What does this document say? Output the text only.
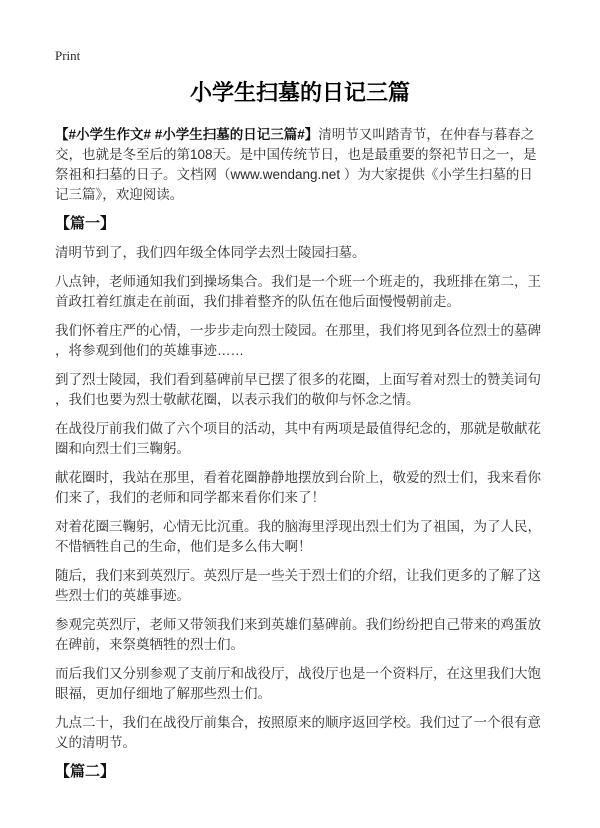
Print
小学生扫墓的日记三篇

【#小学生作文# #小学生扫墓的日记三篇#】清明节又叫踏青节，在仲春与暮春之交，也就是冬至后的第108天。是中国传统节日，也是最重要的祭祀节日之一，是祭祖和扫墓的日子。文档网（www.wendang.net ）为大家提供《小学生扫墓的日记三篇》，欢迎阅读。

【篇一】

清明节到了，我们四年级全体同学去烈士陵园扫墓。

八点钟，老师通知我们到操场集合。我们是一个班一个班走的，我班排在第二，王首政扛着红旗走在前面，我们排着整齐的队伍在他后面慢慢朝前走。

我们怀着庄严的心情，一步步走向烈士陵园。在那里，我们将见到各位烈士的墓碑，将参观到他们的英雄事迹……

到了烈士陵园，我们看到墓碑前早已摆了很多的花圈，上面写着对烈士的赞美词句，我们也要为烈士敬献花圈，以表示我们的敬仰与怀念之情。

在战役厅前我们做了六个项目的活动，其中有两项是最值得纪念的，那就是敬献花圈和向烈士们三鞠躬。

献花圈时，我站在那里，看着花圈静静地摆放到台阶上，敬爱的烈士们，我来看你们来了，我们的老师和同学都来看你们来了！

对着花圈三鞠躬，心情无比沉重。我的脑海里浮现出烈士们为了祖国，为了人民，不惜牺牲自己的生命，他们是多么伟大啊！

随后，我们来到英烈厅。英烈厅是一些关于烈士们的介绍，让我们更多的了解了这些烈士们的英雄事迹。

参观完英烈厅，老师又带领我们来到英雄们墓碑前。我们纷纷把自己带来的鸡蛋放在碑前，来祭奠牺牲的烈士们。

而后我们又分别参观了支前厅和战役厅，战役厅也是一个资料厅，在这里我们大饱眼福，更加仔细地了解那些烈士们。

九点二十，我们在战役厅前集合，按照原来的顺序返回学校。我们过了一个很有意义的清明节。

【篇二】
